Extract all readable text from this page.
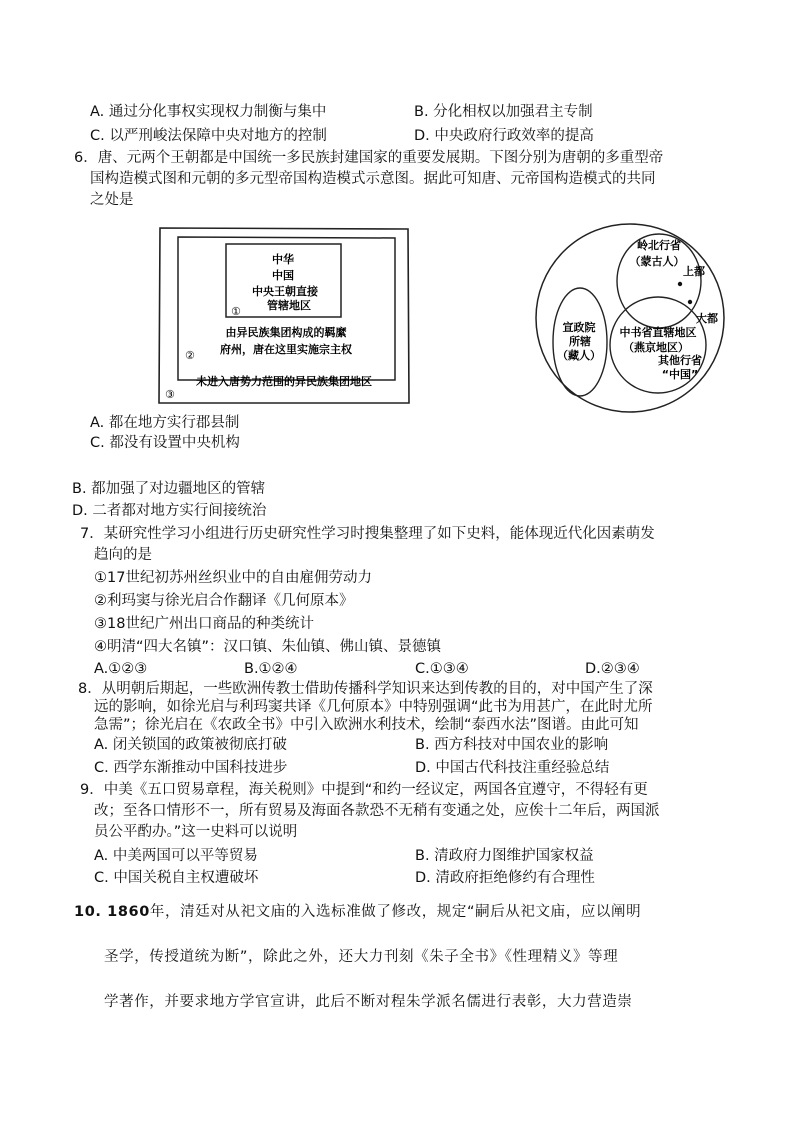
A. 通过分化事权实现权力制衡与集中	B. 分化相权以加强君主专制
C. 以严刑峻法保障中央对地方的控制	D. 中央政府行政效率的提高
6．唐、元两个王朝都是中国统一多民族封建国家的重要发展期。下图分别为唐朝的多重型帝
国构造模式图和元朝的多元型帝国构造模式示意图。据此可知唐、元帝国构造模式的共同
之处是
中华
中国
中央王朝直接
管辖地区
①
由异民族集团构成的羁縻
府州，唐在这里实施宗主权
②
未进入唐势力范围的异民族集团地区
③
岭北行省
（蒙古人）
上都
大都
宣政院
所辖
（藏人）
中书省直辖地区
（燕京地区）
其他行省
“中国”
A. 都在地方实行郡县制
C. 都没有设置中央机构
B. 都加强了对边疆地区的管辖
D. 二者都对地方实行间接统治
7．某研究性学习小组进行历史研究性学习时搜集整理了如下史料，能体现近代化因素萌发
趋向的是
①17世纪初苏州丝织业中的自由雇佣劳动力
②利玛窦与徐光启合作翻译《几何原本》
③18世纪广州出口商品的种类统计
④明清“四大名镇”：汉口镇、朱仙镇、佛山镇、景德镇
A.①②③	B.①②④	C.①③④	D.②③④
8．从明朝后期起，一些欧洲传教士借助传播科学知识来达到传教的目的，对中国产生了深
远的影响，如徐光启与利玛窦共译《几何原本》中特别强调“此书为用甚广，在此时尤所
急需”；徐光启在《农政全书》中引入欧洲水利技术，绘制“泰西水法”图谱。由此可知
A. 闭关锁国的政策被彻底打破	B. 西方科技对中国农业的影响
C. 西学东渐推动中国科技进步	D. 中国古代科技注重经验总结
9．中美《五口贸易章程，海关税则》中提到“和约一经议定，两国各宜遵守，不得轻有更
改；至各口情形不一，所有贸易及海面各款恐不无稍有变通之处，应俟十二年后，两国派
员公平酌办。”这一史料可以说明
A. 中美两国可以平等贸易	B. 清政府力图维护国家权益
C. 中国关税自主权遭破坏	D. 清政府拒绝修约有合理性
10. 1860年，清廷对从祀文庙的入选标准做了修改，规定“嗣后从祀文庙，应以阐明
圣学，传授道统为断”，除此之外，还大力刊刻《朱子全书》《性理精义》等理
学著作，并要求地方学官宣讲，此后不断对程朱学派名儒进行表彰，大力营造崇
